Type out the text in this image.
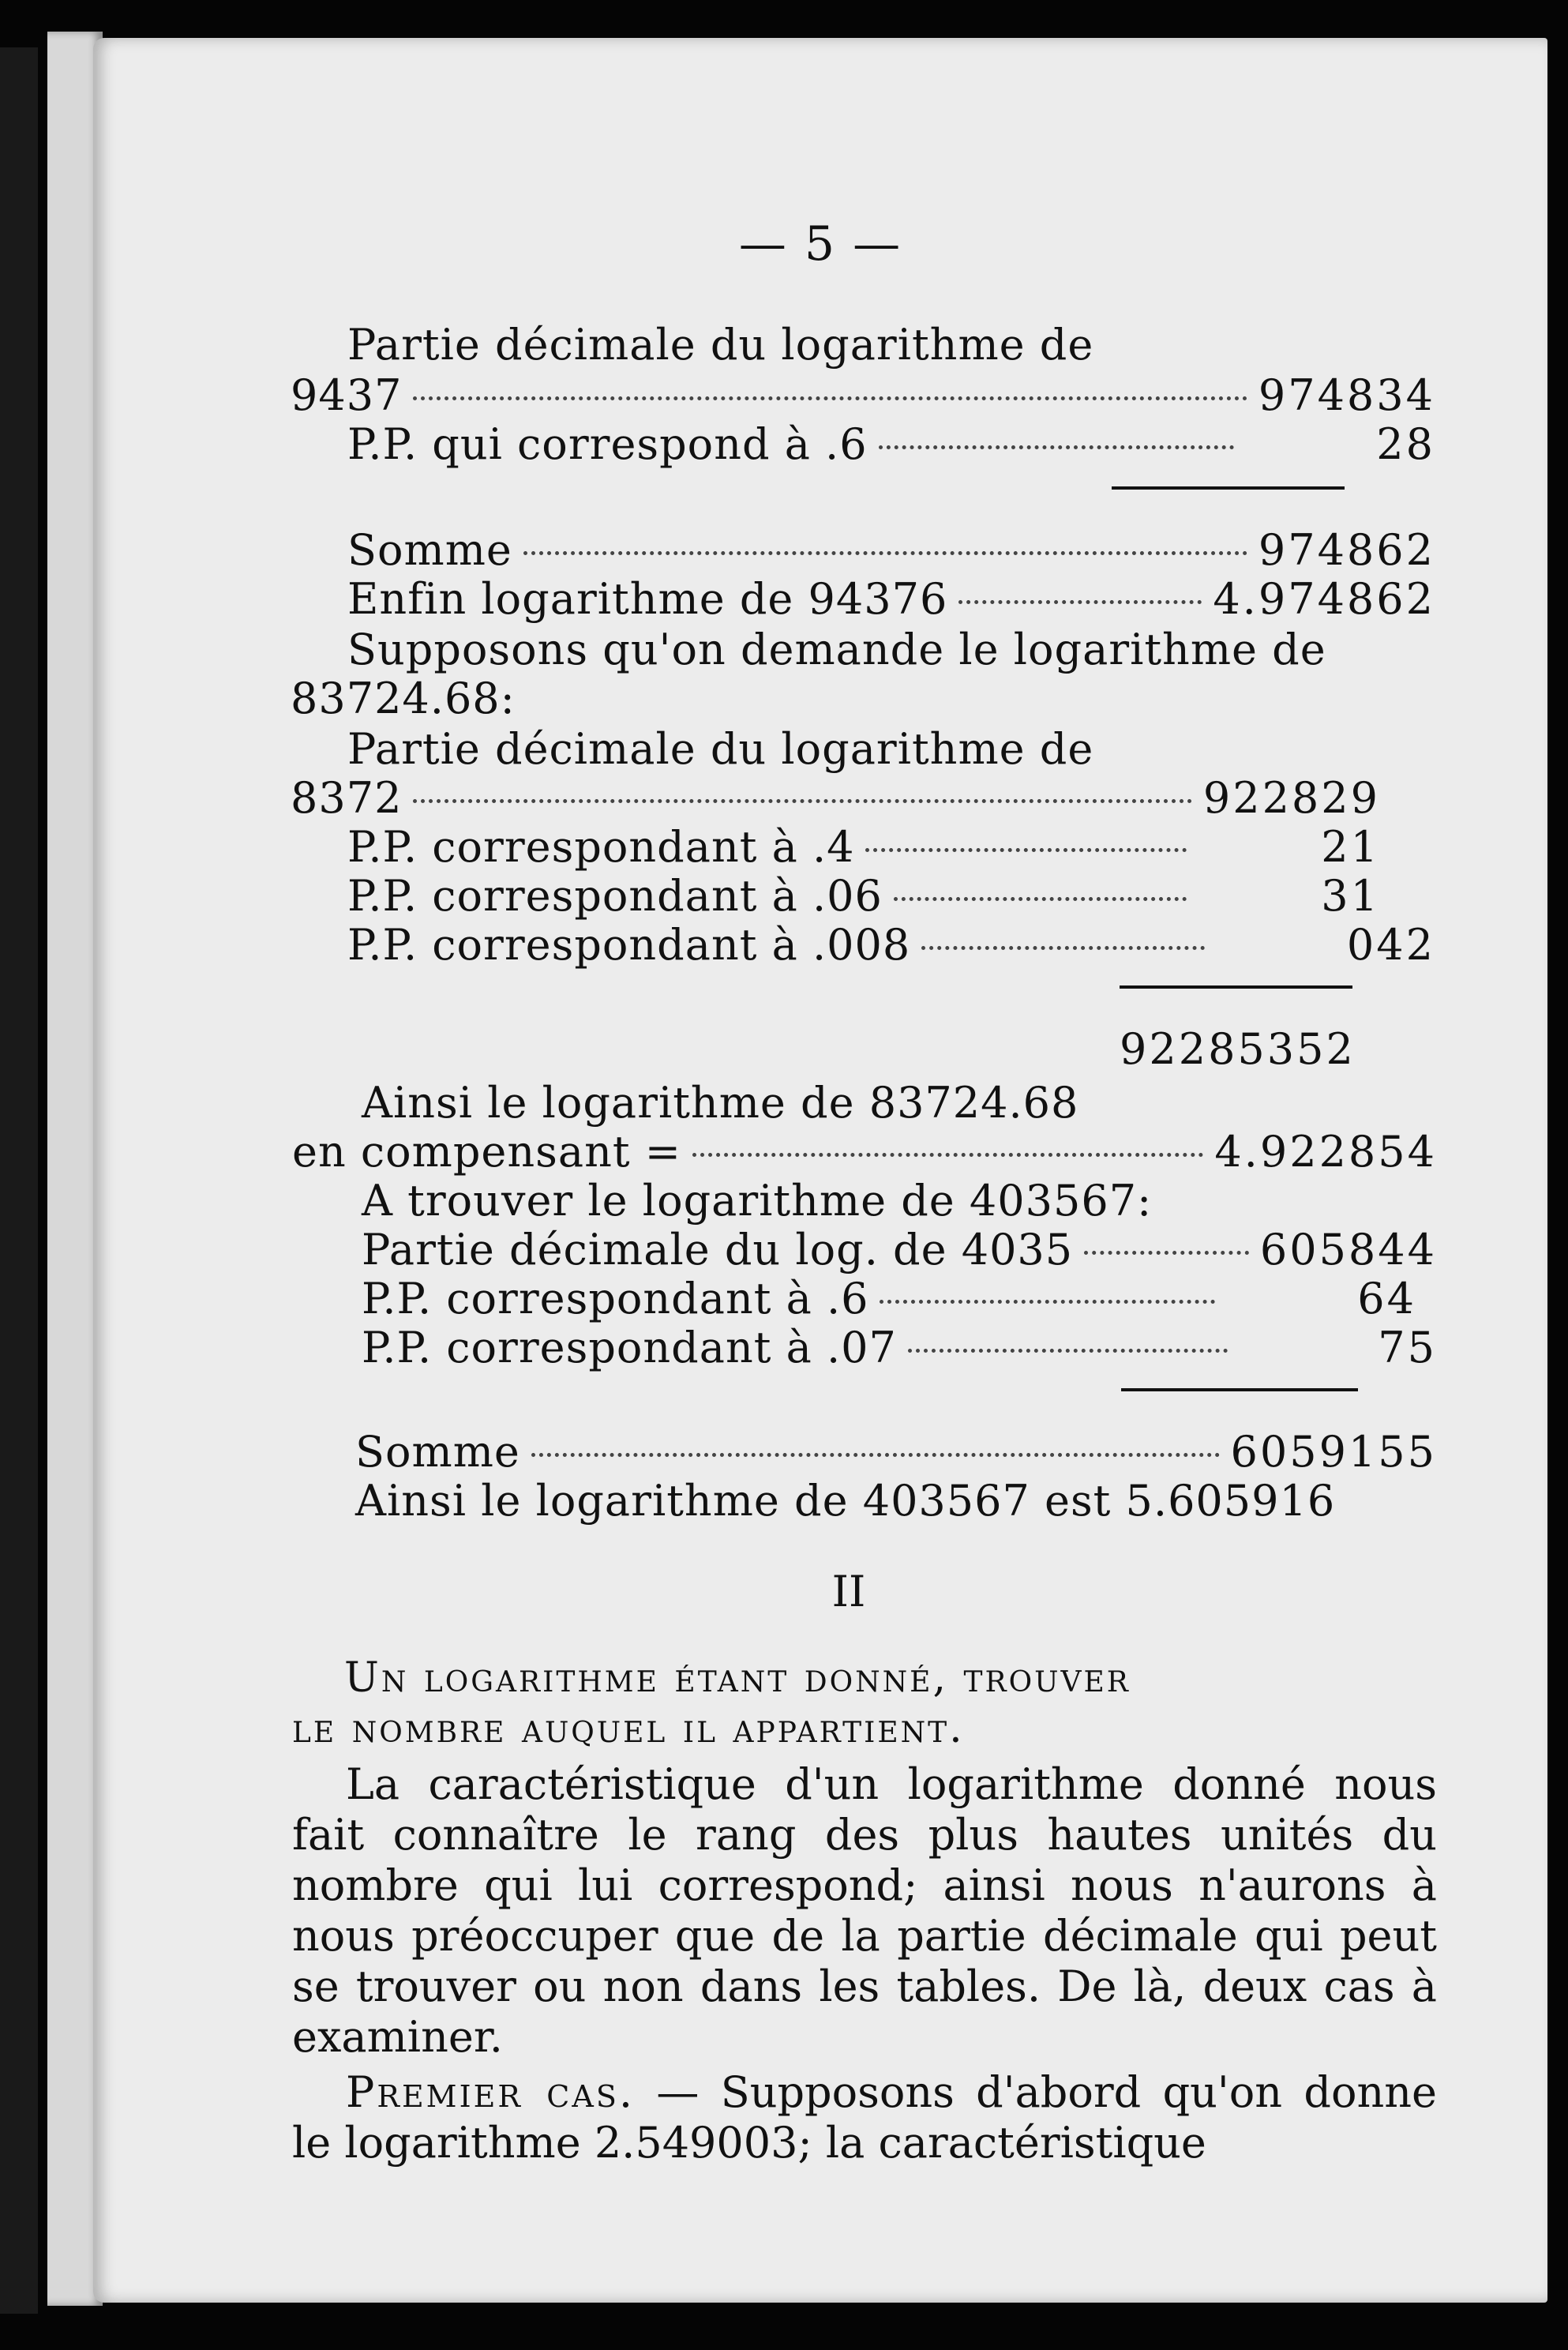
— 5 —
Partie décimale du logarithme de
9437	974834
P.P. qui correspond à .6	28
Somme	974862
Enfin logarithme de 94376	4.974862
Supposons qu'on demande le logarithme de
83724.68:
Partie décimale du logarithme de
8372	922829
P.P. correspondant à .4	21
P.P. correspondant à .06	31
P.P. correspondant à .008	042
92285352
Ainsi le logarithme de 83724.68
en compensant =	4.922854
A trouver le logarithme de 403567:
Partie décimale du log. de 4035	605844
P.P. correspondant à .6	64
P.P. correspondant à .07	75
Somme	6059155
Ainsi le logarithme de 403567 est 5.605916
II
Un logarithme étant donné, trouver
le nombre auquel il appartient.
La caractéristique d'un logarithme donné nous fait connaître le rang des plus hautes unités du nombre qui lui correspond; ainsi nous n'aurons à nous préoccuper que de la partie décimale qui peut se trouver ou non dans les tables. De là, deux cas à examiner.
Premier cas. — Supposons d'abord qu'on donne le logarithme 2.549003; la caractéristique
